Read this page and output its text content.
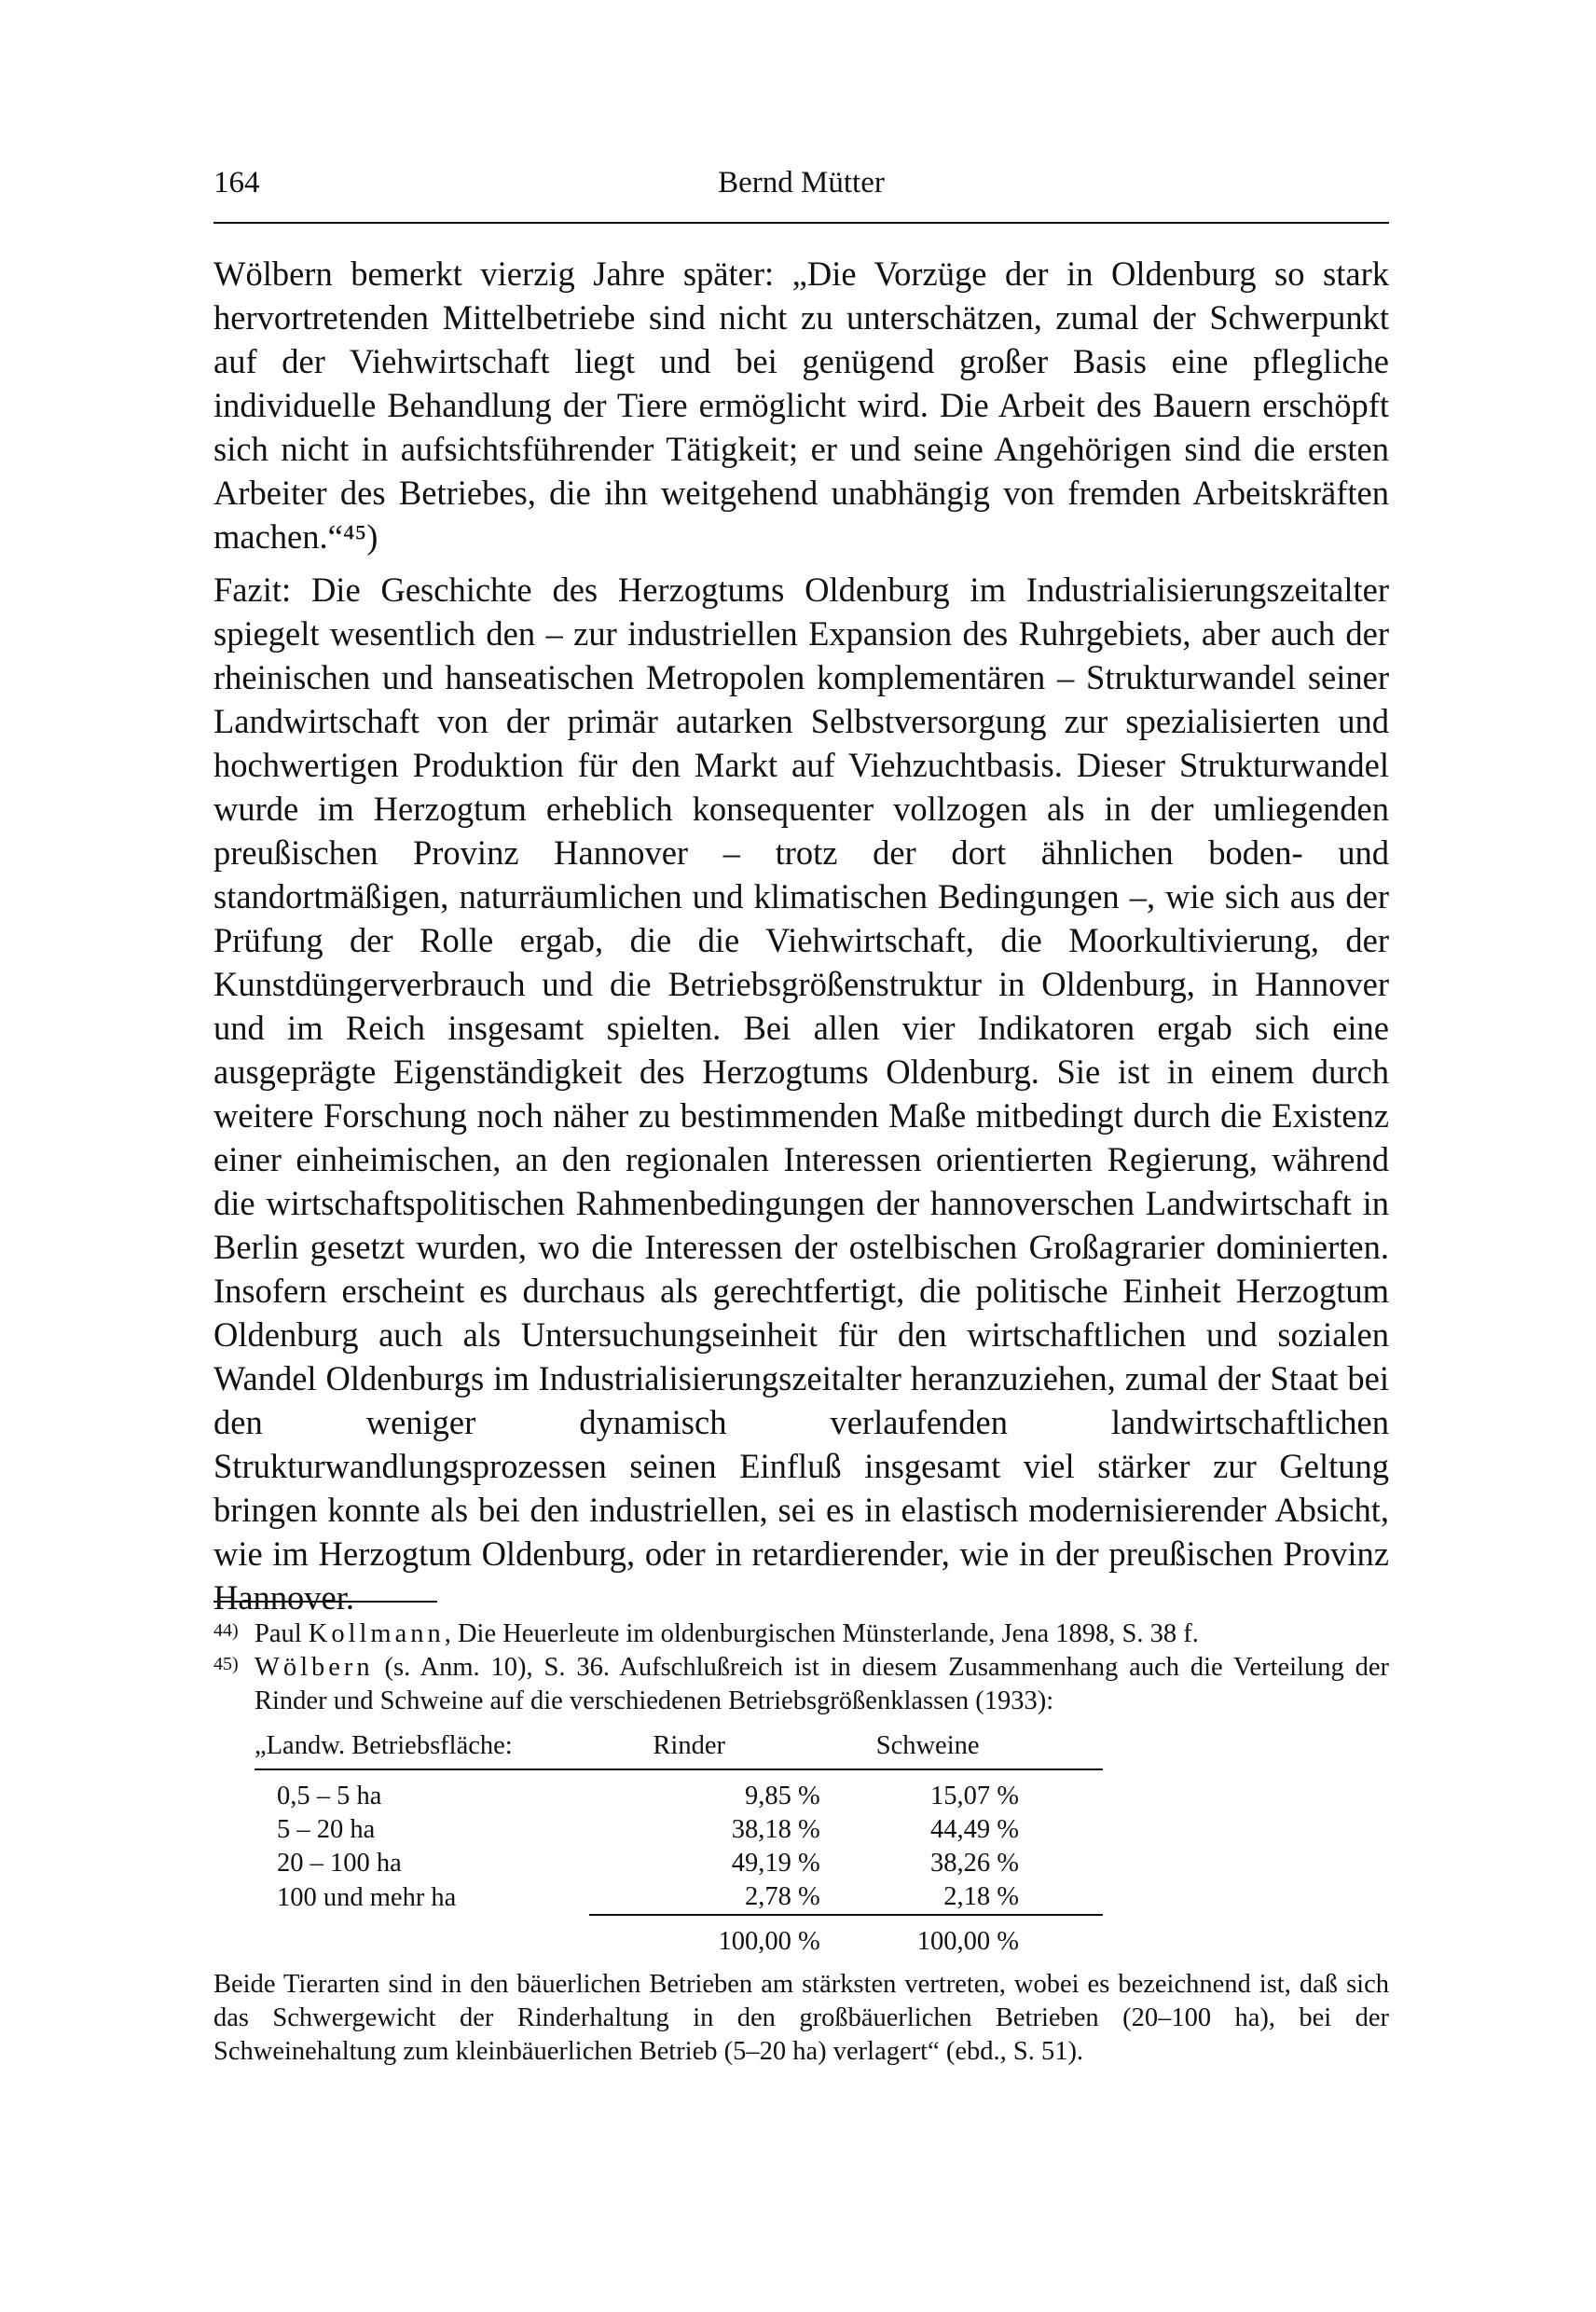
164	Bernd Mütter

Wölbern bemerkt vierzig Jahre später: „Die Vorzüge der in Oldenburg so stark hervortretenden Mittelbetriebe sind nicht zu unterschätzen, zumal der Schwerpunkt auf der Viehwirtschaft liegt und bei genügend großer Basis eine pflegliche individuelle Behandlung der Tiere ermöglicht wird. Die Arbeit des Bauern erschöpft sich nicht in aufsichtsführender Tätigkeit; er und seine Angehörigen sind die ersten Arbeiter des Betriebes, die ihn weitgehend unabhängig von fremden Arbeitskräften machen.“⁴⁵)

Fazit: Die Geschichte des Herzogtums Oldenburg im Industrialisierungszeitalter spiegelt wesentlich den – zur industriellen Expansion des Ruhrgebiets, aber auch der rheinischen und hanseatischen Metropolen komplementären – Strukturwandel seiner Landwirtschaft von der primär autarken Selbstversorgung zur spezialisierten und hochwertigen Produktion für den Markt auf Viehzuchtbasis. Dieser Strukturwandel wurde im Herzogtum erheblich konsequenter vollzogen als in der umliegenden preußischen Provinz Hannover – trotz der dort ähnlichen boden- und standortmäßigen, naturräumlichen und klimatischen Bedingungen –, wie sich aus der Prüfung der Rolle ergab, die die Viehwirtschaft, die Moorkultivierung, der Kunstdüngerverbrauch und die Betriebsgrößenstruktur in Oldenburg, in Hannover und im Reich insgesamt spielten. Bei allen vier Indikatoren ergab sich eine ausgeprägte Eigenständigkeit des Herzogtums Oldenburg. Sie ist in einem durch weitere Forschung noch näher zu bestimmenden Maße mitbedingt durch die Existenz einer einheimischen, an den regionalen Interessen orientierten Regierung, während die wirtschaftspolitischen Rahmenbedingungen der hannoverschen Landwirtschaft in Berlin gesetzt wurden, wo die Interessen der ostelbischen Großagrarier dominierten. Insofern erscheint es durchaus als gerechtfertigt, die politische Einheit Herzogtum Oldenburg auch als Untersuchungseinheit für den wirtschaftlichen und sozialen Wandel Oldenburgs im Industrialisierungszeitalter heranzuziehen, zumal der Staat bei den weniger dynamisch verlaufenden landwirtschaftlichen Strukturwandlungsprozessen seinen Einfluß insgesamt viel stärker zur Geltung bringen konnte als bei den industriellen, sei es in elastisch modernisierender Absicht, wie im Herzogtum Oldenburg, oder in retardierender, wie in der preußischen Provinz Hannover.

44) Paul Kollmann, Die Heuerleute im oldenburgischen Münsterlande, Jena 1898, S. 38 f.
45) Wölbern (s. Anm. 10), S. 36. Aufschlußreich ist in diesem Zusammenhang auch die Verteilung der Rinder und Schweine auf die verschiedenen Betriebsgrößenklassen (1933):
„Landw. Betriebsfläche:	Rinder	Schweine
0,5 – 5 ha	9,85 %	15,07 %
5 – 20 ha	38,18 %	44,49 %
20 – 100 ha	49,19 %	38,26 %
100 und mehr ha	2,78 %	2,18 %
	100,00 %	100,00 %
Beide Tierarten sind in den bäuerlichen Betrieben am stärksten vertreten, wobei es bezeichnend ist, daß sich das Schwergewicht der Rinderhaltung in den großbäuerlichen Betrieben (20–100 ha), bei der Schweinehaltung zum kleinbäuerlichen Betrieb (5–20 ha) verlagert“ (ebd., S. 51).
